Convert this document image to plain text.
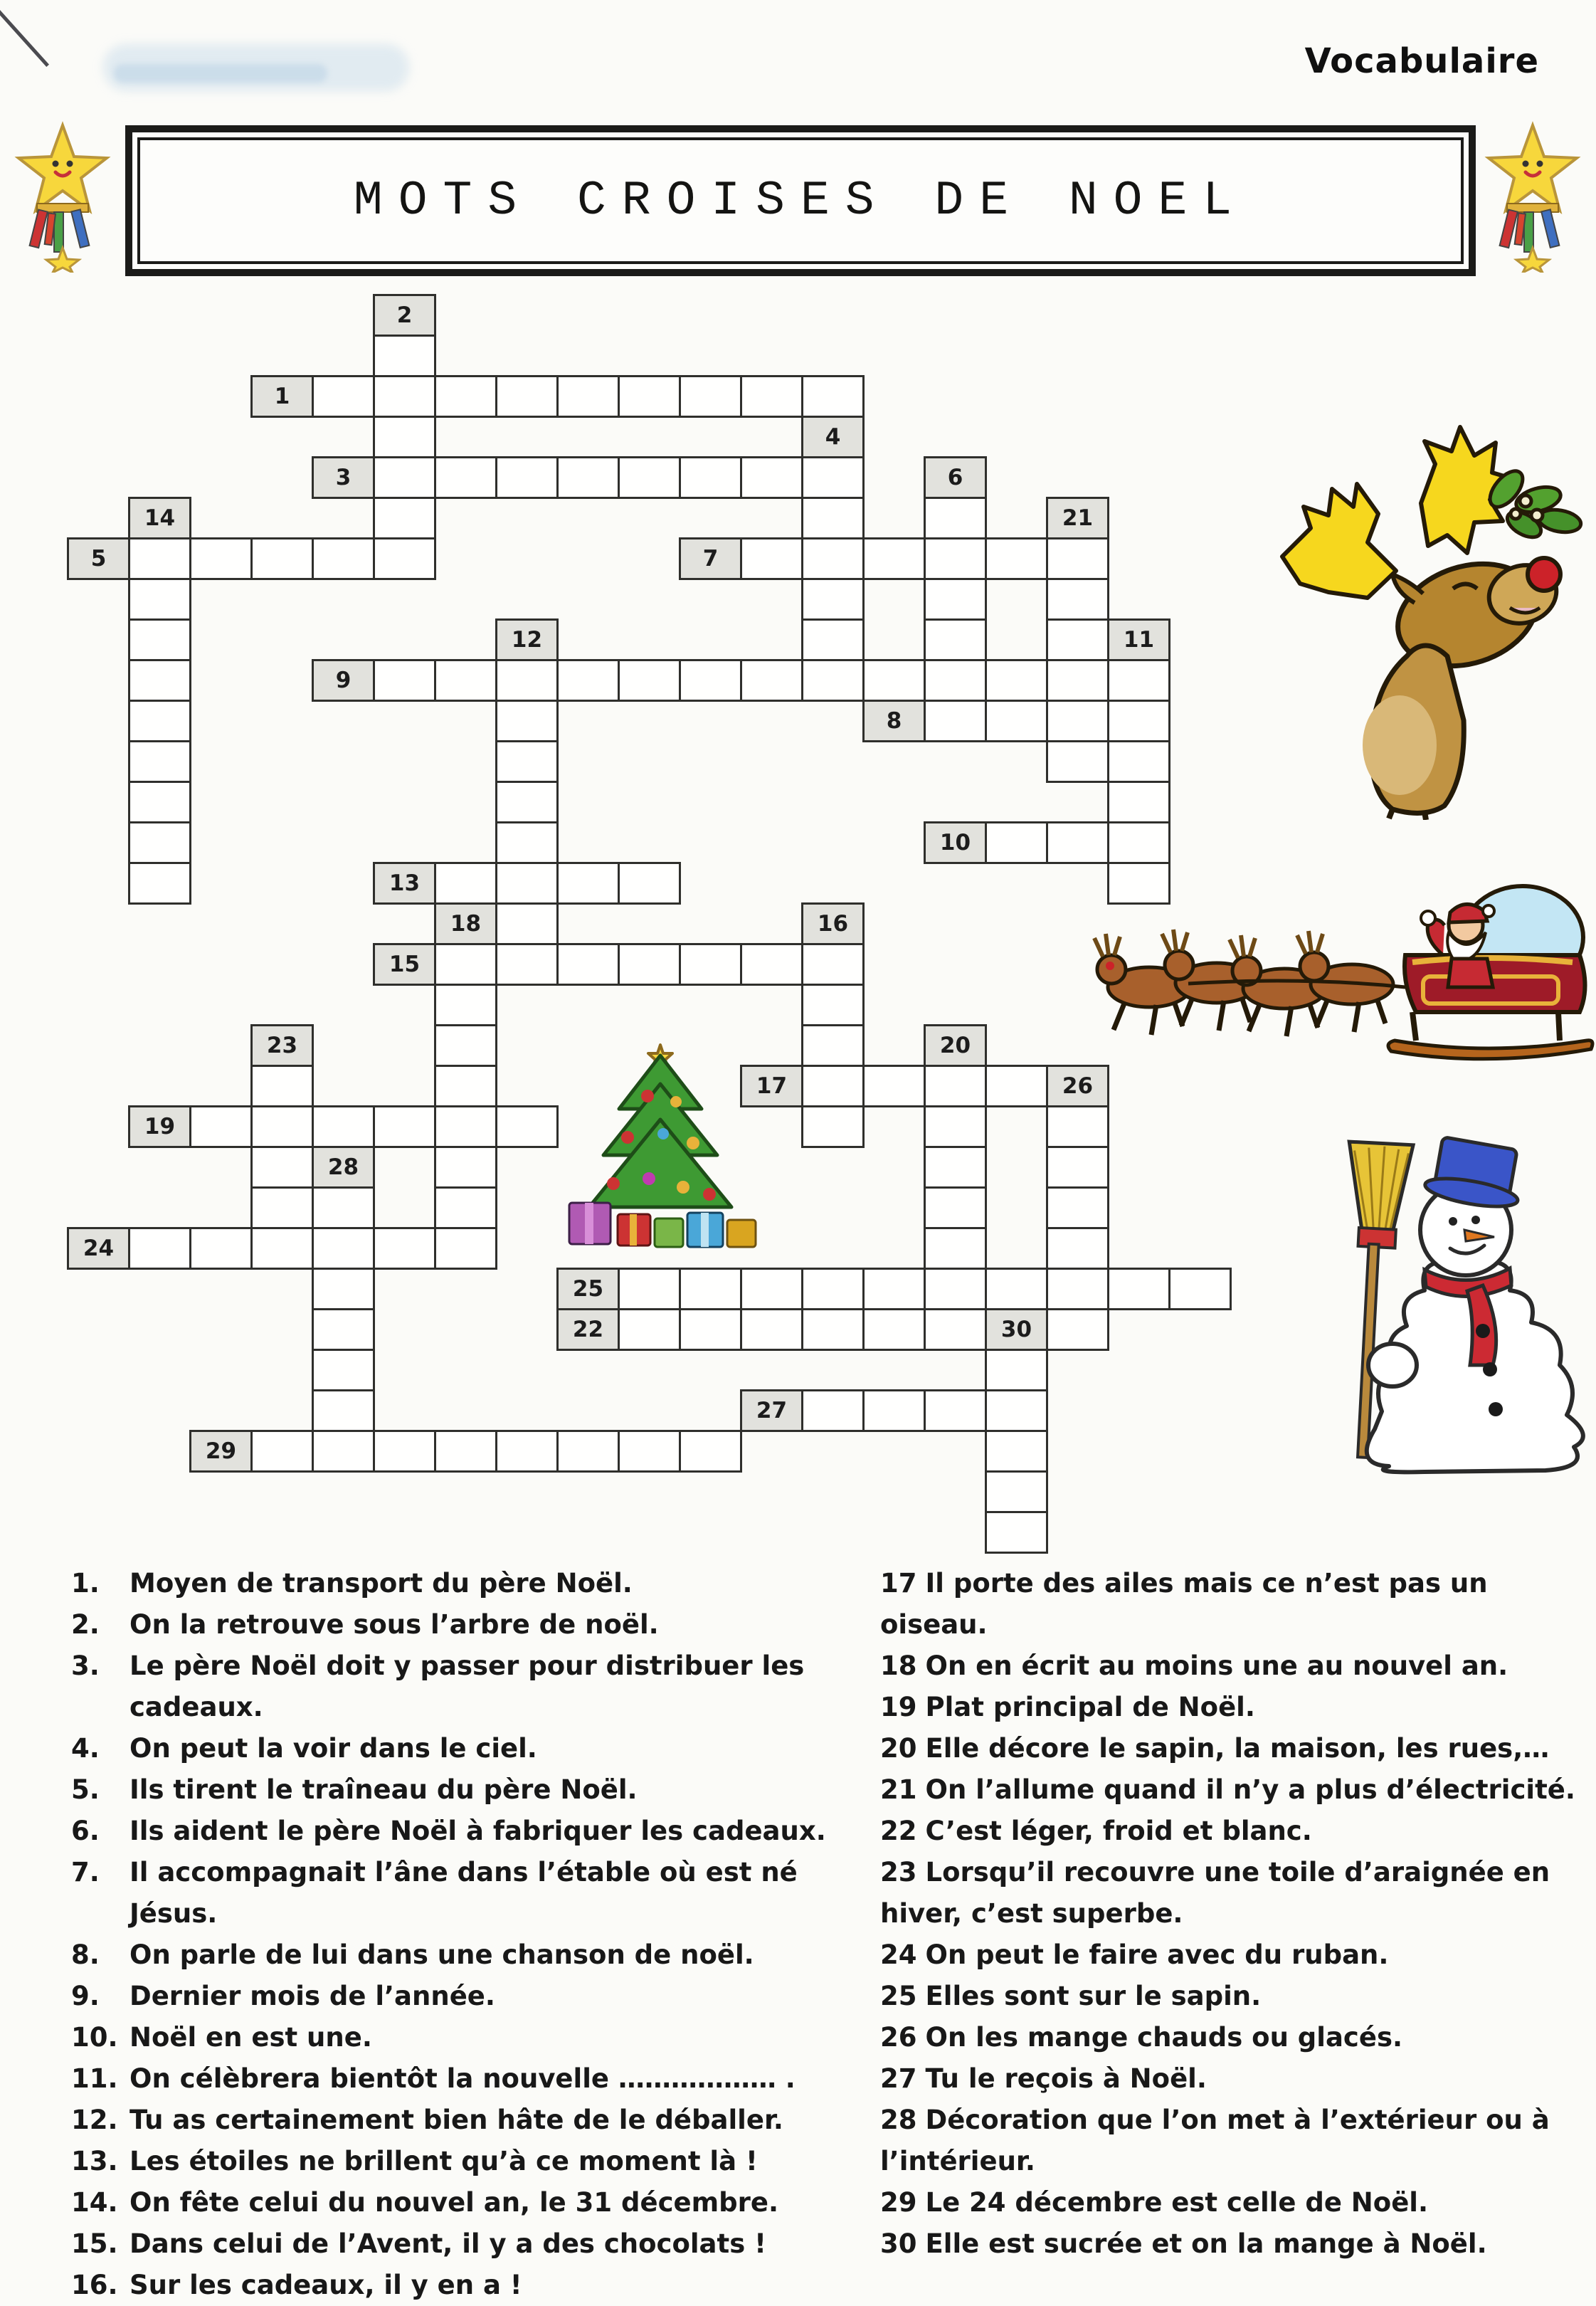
Vocabulaire
MOTS CROISES DE NOEL
1
3
5	7
9
8
10
13
15
17
19
24
25
22
27
29
2
4
6
14	21
11
12
16
18
20
23
26
28
30
1. Moyen de transport du père Noël.
2. On la retrouve sous l’arbre de noël.
3. Le père Noël doit y passer pour distribuer les cadeaux.
4. On peut la voir dans le ciel.
5. Ils tirent le traîneau du père Noël.
6. Ils aident le père Noël à fabriquer les cadeaux.
7. Il accompagnait l’âne dans l’étable où est né Jésus.
8. On parle de lui dans une chanson de noël.
9. Dernier mois de l’année.
10. Noël en est une.
11. On célèbrera bientôt la nouvelle ……………… .
12. Tu as certainement bien hâte de le déballer.
13. Les étoiles ne brillent qu’à ce moment là !
14. On fête celui du nouvel an, le 31 décembre.
15. Dans celui de l’Avent, il y a des chocolats !
16. Sur les cadeaux, il y en a !
17 Il porte des ailes mais ce n’est pas un oiseau.
18 On en écrit au moins une au nouvel an.
19 Plat principal de Noël.
20 Elle décore le sapin, la maison, les rues,…
21 On l’allume quand il n’y a plus d’électricité.
22 C’est léger, froid et blanc.
23 Lorsqu’il recouvre une toile d’araignée en hiver, c’est superbe.
24 On peut le faire avec du ruban.
25 Elles sont sur le sapin.
26 On les mange chauds ou glacés.
27 Tu le reçois à Noël.
28 Décoration que l’on met à l’extérieur ou à l’intérieur.
29 Le 24 décembre est celle de Noël.
30 Elle est sucrée et on la mange à Noël.
